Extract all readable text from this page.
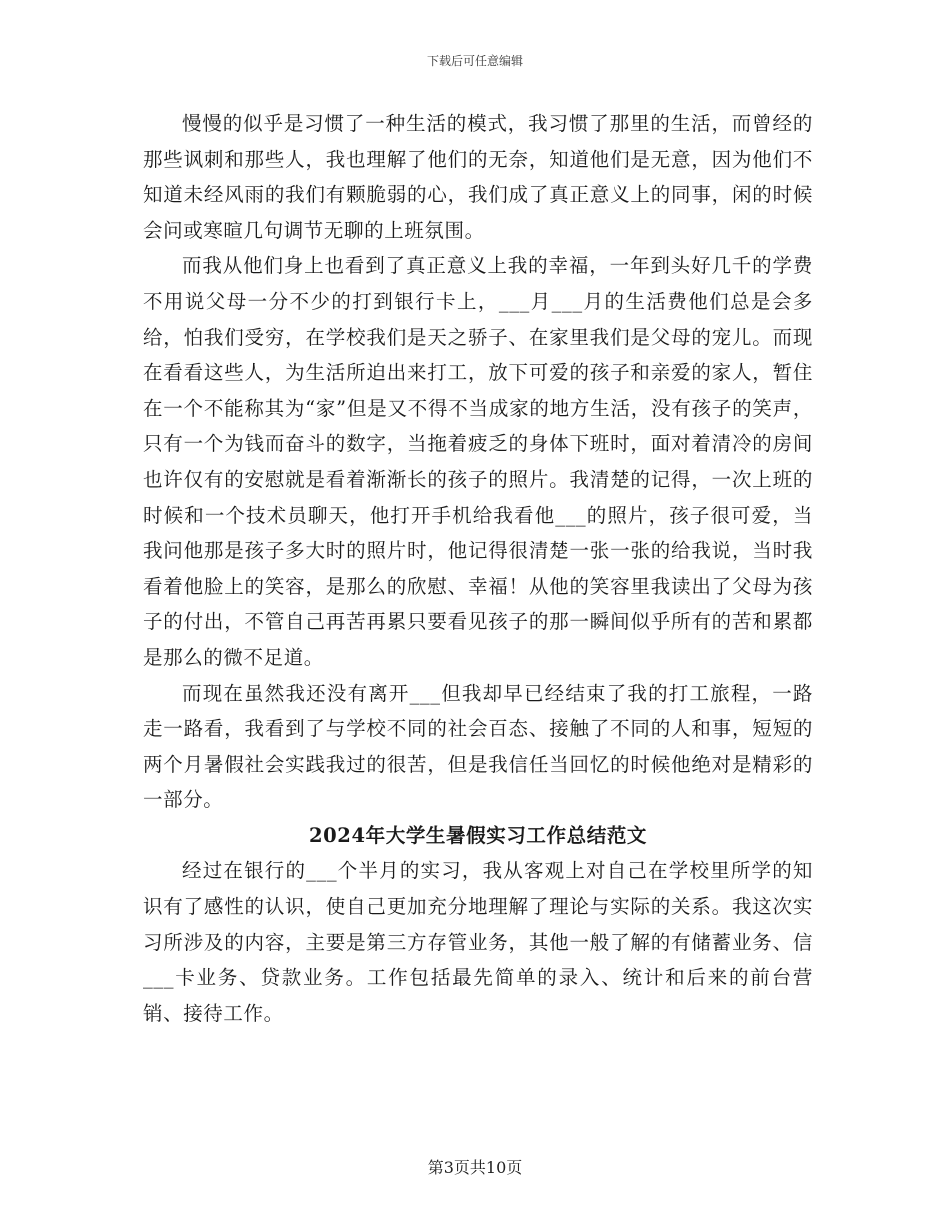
下载后可任意编辑

慢慢的似乎是习惯了一种生活的模式，我习惯了那里的生活，而曾经的那些讽刺和那些人，我也理解了他们的无奈，知道他们是无意，因为他们不知道未经风雨的我们有颗脆弱的心，我们成了真正意义上的同事，闲的时候会问或寒暄几句调节无聊的上班氛围。

而我从他们身上也看到了真正意义上我的幸福，一年到头好几千的学费不用说父母一分不少的打到银行卡上，___月___月的生活费他们总是会多给，怕我们受穷，在学校我们是天之骄子、在家里我们是父母的宠儿。而现在看看这些人，为生活所迫出来打工，放下可爱的孩子和亲爱的家人，暂住在一个不能称其为“家”但是又不得不当成家的地方生活，没有孩子的笑声，只有一个为钱而奋斗的数字，当拖着疲乏的身体下班时，面对着清冷的房间也许仅有的安慰就是看着渐渐长的孩子的照片。我清楚的记得，一次上班的时候和一个技术员聊天，他打开手机给我看他___的照片，孩子很可爱，当我问他那是孩子多大时的照片时，他记得很清楚一张一张的给我说，当时我看着他脸上的笑容，是那么的欣慰、幸福！从他的笑容里我读出了父母为孩子的付出，不管自己再苦再累只要看见孩子的那一瞬间似乎所有的苦和累都是那么的微不足道。

而现在虽然我还没有离开___但我却早已经结束了我的打工旅程，一路走一路看，我看到了与学校不同的社会百态、接触了不同的人和事，短短的两个月暑假社会实践我过的很苦，但是我信任当回忆的时候他绝对是精彩的一部分。

2024年大学生暑假实习工作总结范文

经过在银行的___个半月的实习，我从客观上对自己在学校里所学的知识有了感性的认识，使自己更加充分地理解了理论与实际的关系。我这次实习所涉及的内容，主要是第三方存管业务，其他一般了解的有储蓄业务、信___卡业务、贷款业务。工作包括最先简单的录入、统计和后来的前台营销、接待工作。

第3页共10页
